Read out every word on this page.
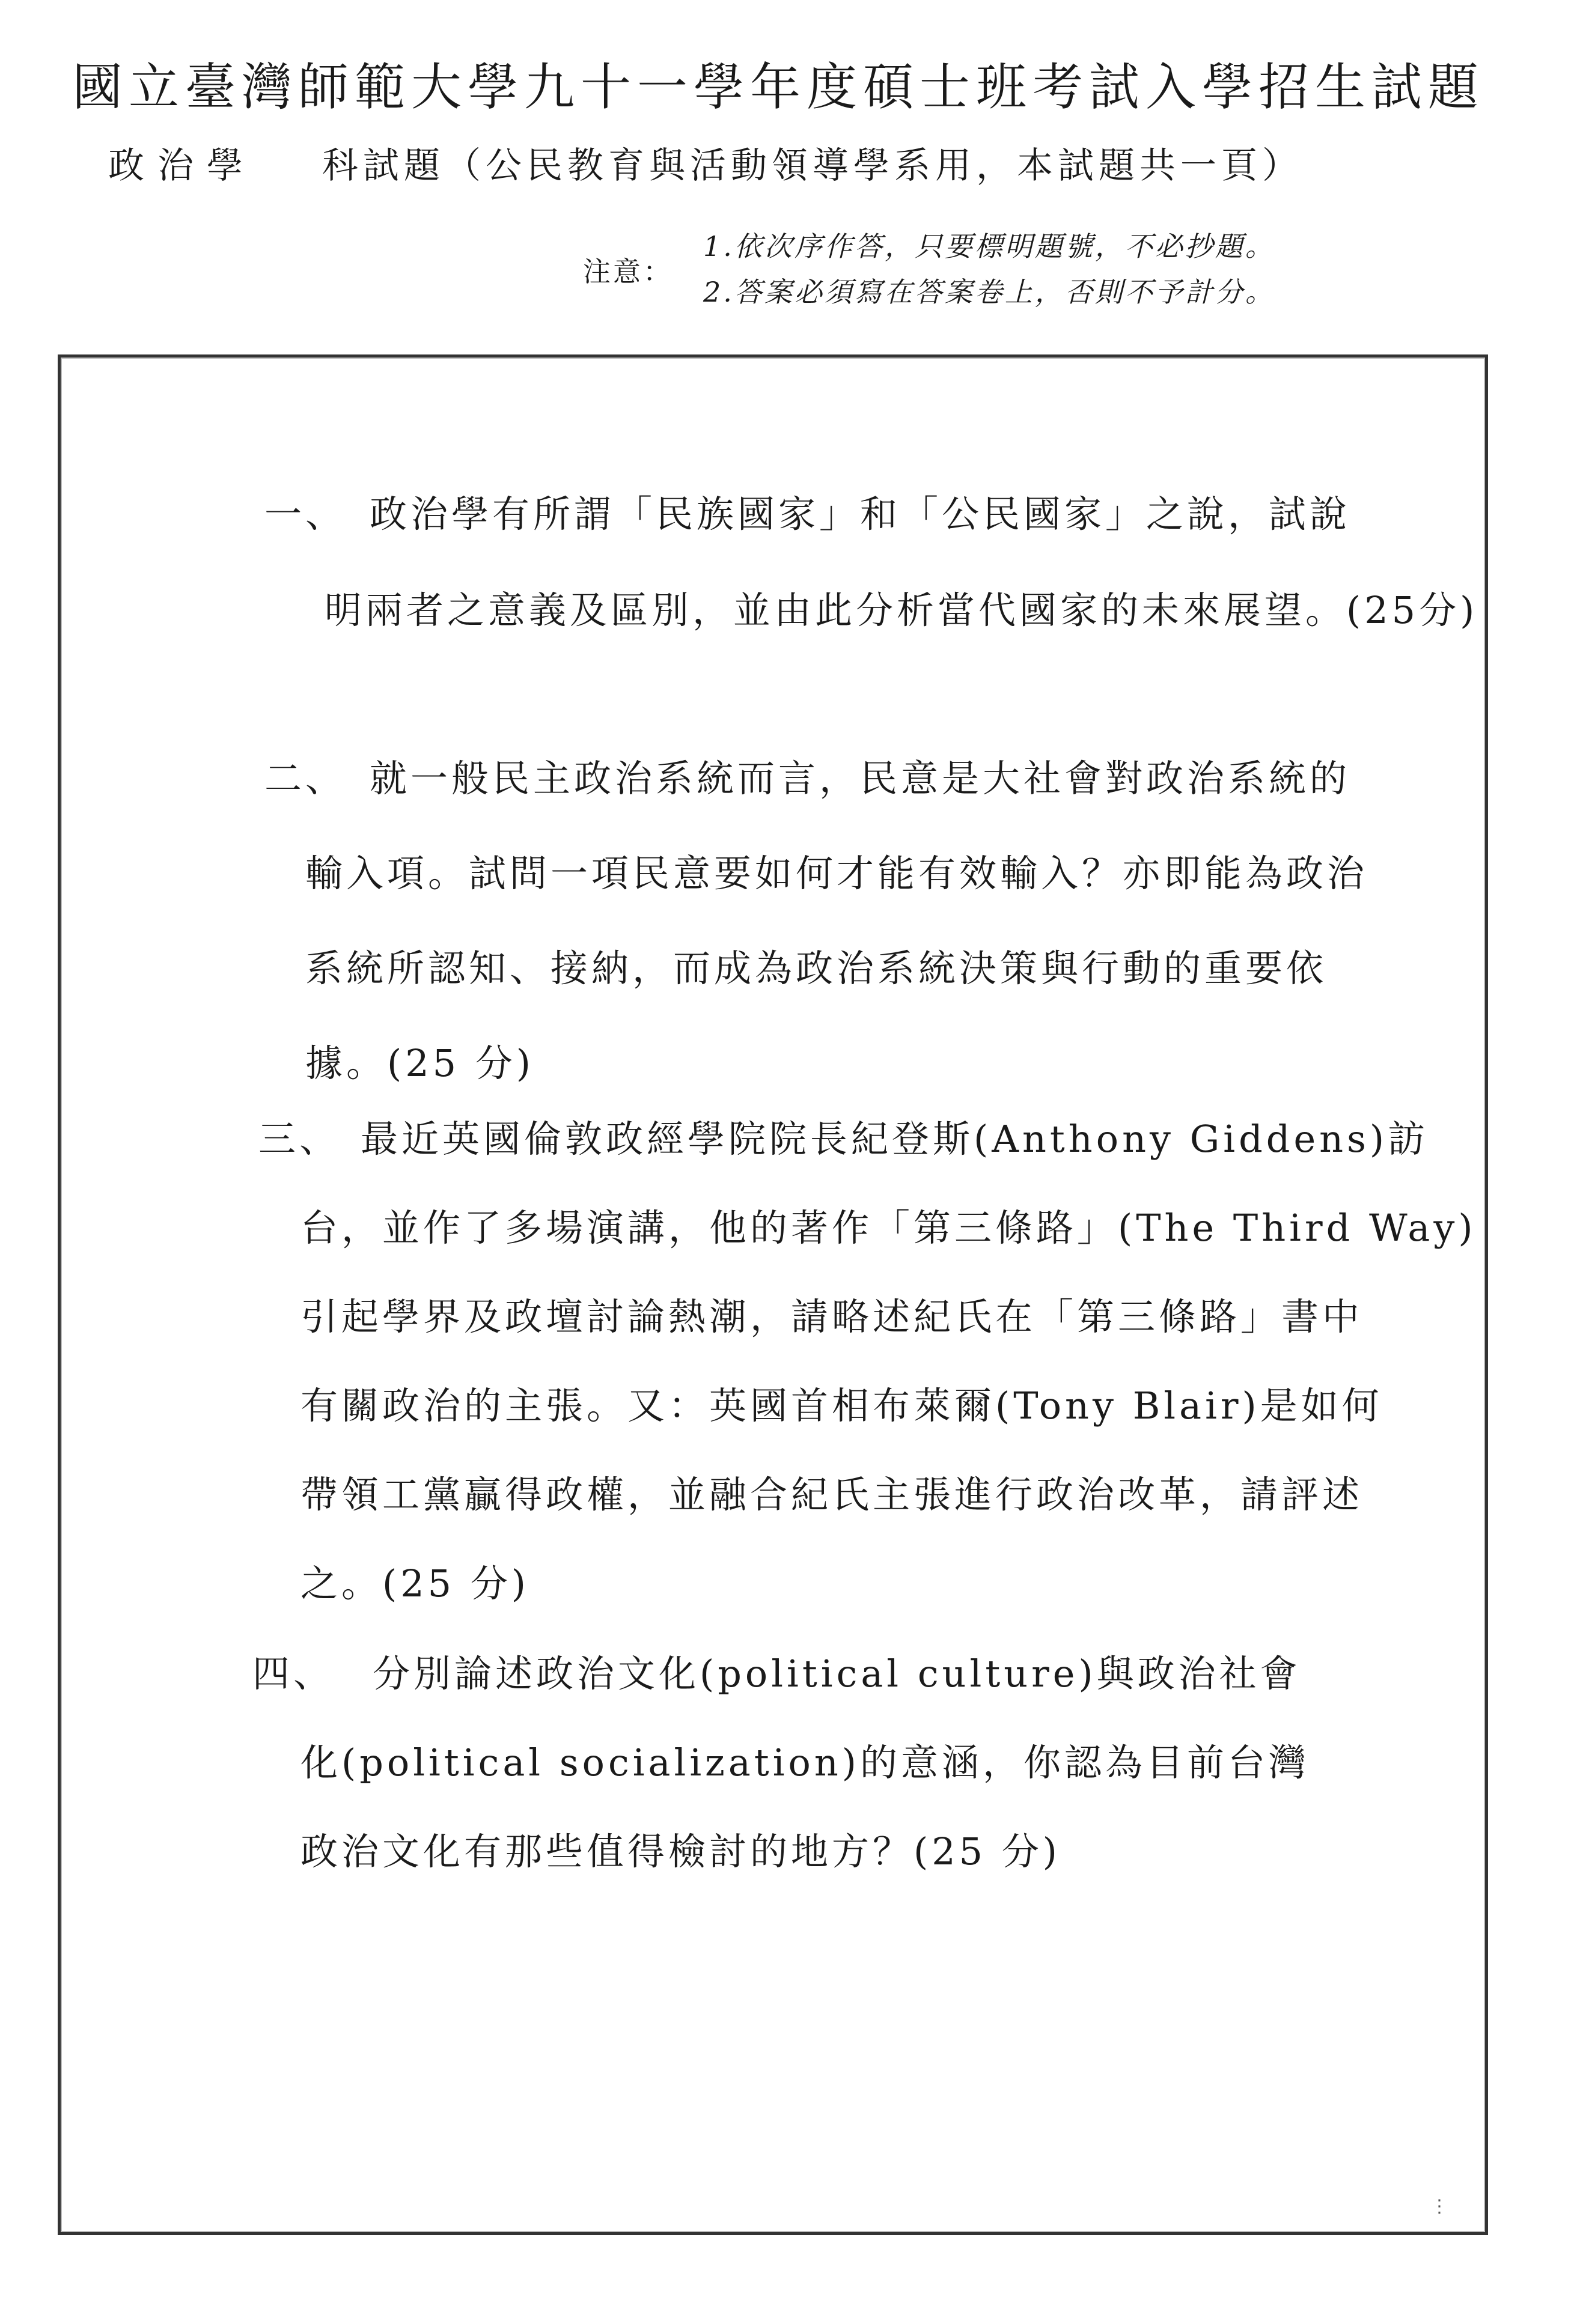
國立臺灣師範大學九十一學年度碩士班考試入學招生試題
政治學 科試題（公民教育與活動領導學系用，本試題共一頁）
注意：
1.依次序作答，只要標明題號，不必抄題。
2.答案必須寫在答案卷上，否則不予計分。
一、 政治學有所謂「民族國家」和「公民國家」之說，試說
明兩者之意義及區別，並由此分析當代國家的未來展望。(25分)
二、 就一般民主政治系統而言，民意是大社會對政治系統的
輸入項。試問一項民意要如何才能有效輸入？亦即能為政治
系統所認知、接納，而成為政治系統決策與行動的重要依
據。(25 分)
三、 最近英國倫敦政經學院院長紀登斯(Anthony Giddens)訪
台，並作了多場演講，他的著作「第三條路」(The Third Way)
引起學界及政壇討論熱潮，請略述紀氏在「第三條路」書中
有關政治的主張。又：英國首相布萊爾(Tony Blair)是如何
帶領工黨贏得政權，並融合紀氏主張進行政治改革，請評述
之。(25 分)
四、 分別論述政治文化(political culture)與政治社會
化(political socialization)的意涵，你認為目前台灣
政治文化有那些值得檢討的地方？(25 分)
⋮
